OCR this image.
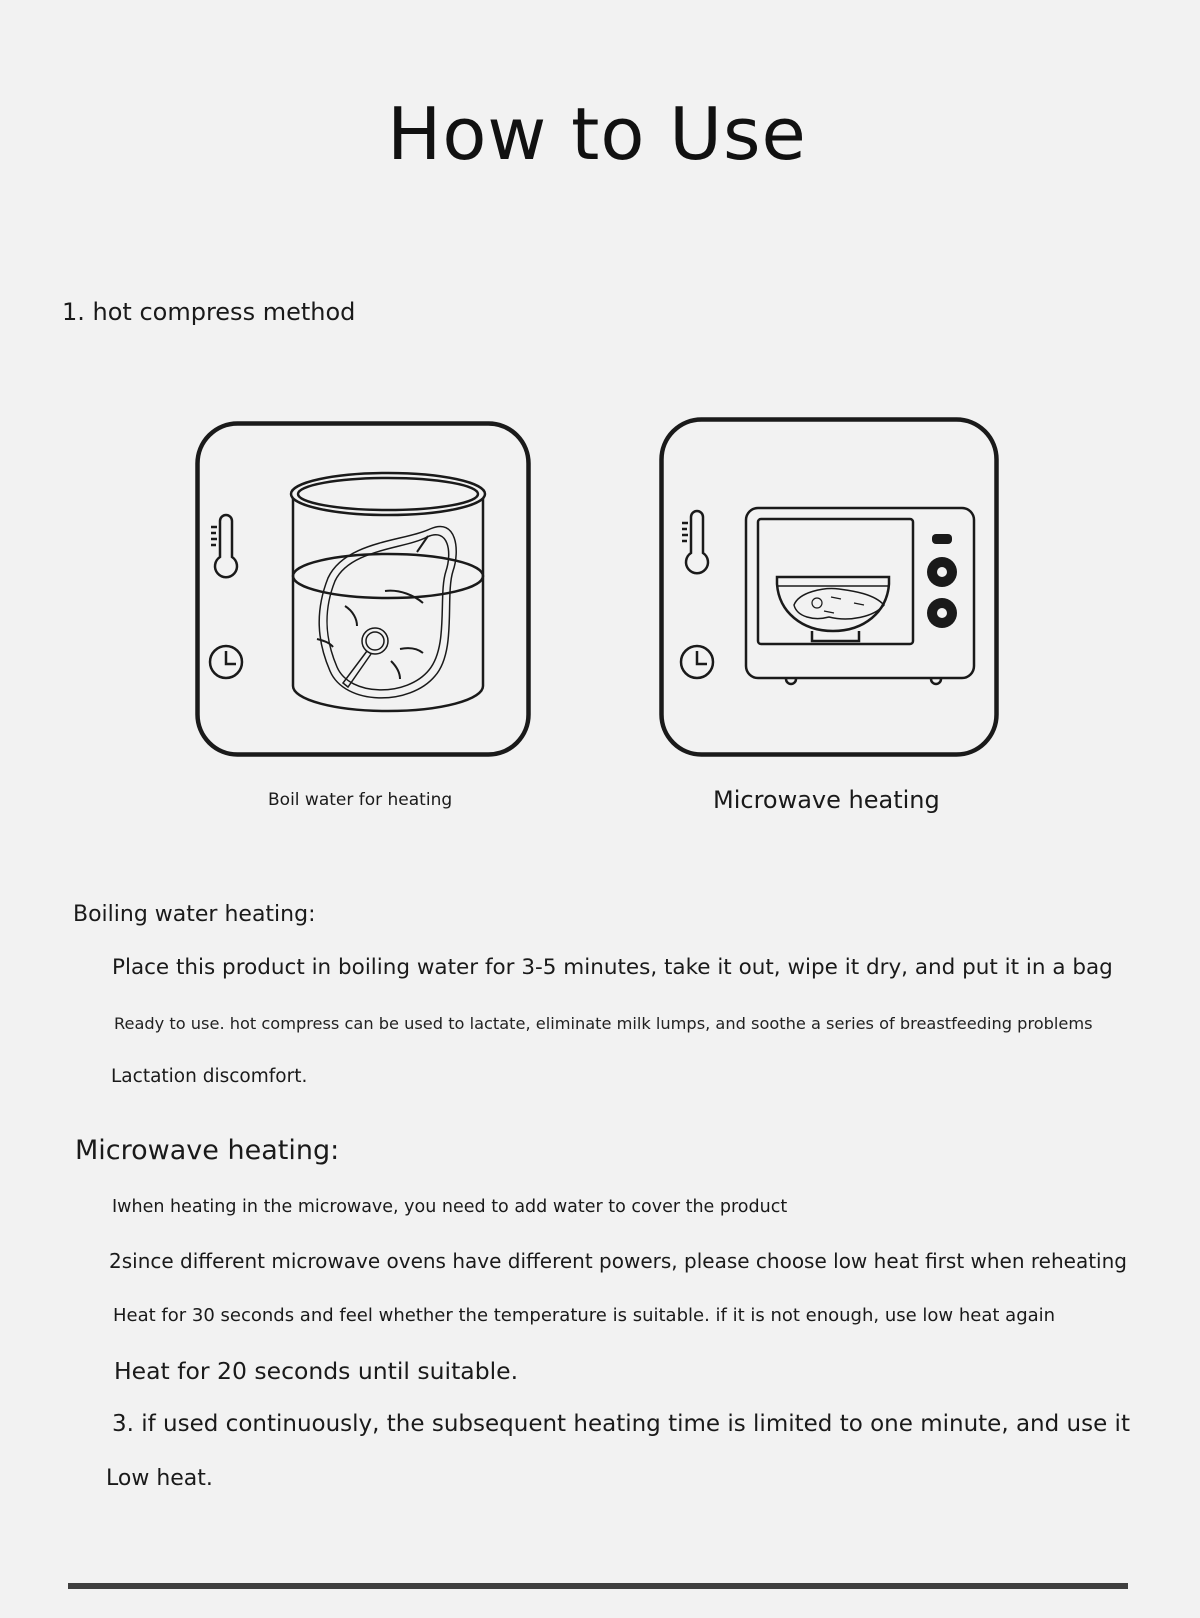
How to Use
1. hot compress method
Boil water for heating	Microwave heating
Boiling water heating:
Place this product in boiling water for 3-5 minutes, take it out, wipe it dry, and put it in a bag
Ready to use. hot compress can be used to lactate, eliminate milk lumps, and soothe a series of breastfeeding problems
Lactation discomfort.
Microwave heating:
Ⅰwhen heating in the microwave, you need to add water to cover the product
2since different microwave ovens have different powers, please choose low heat first when reheating
Heat for 30 seconds and feel whether the temperature is suitable. if it is not enough, use low heat again
Heat for 20 seconds until suitable.
3. if used continuously, the subsequent heating time is limited to one minute, and use it
Low heat.
